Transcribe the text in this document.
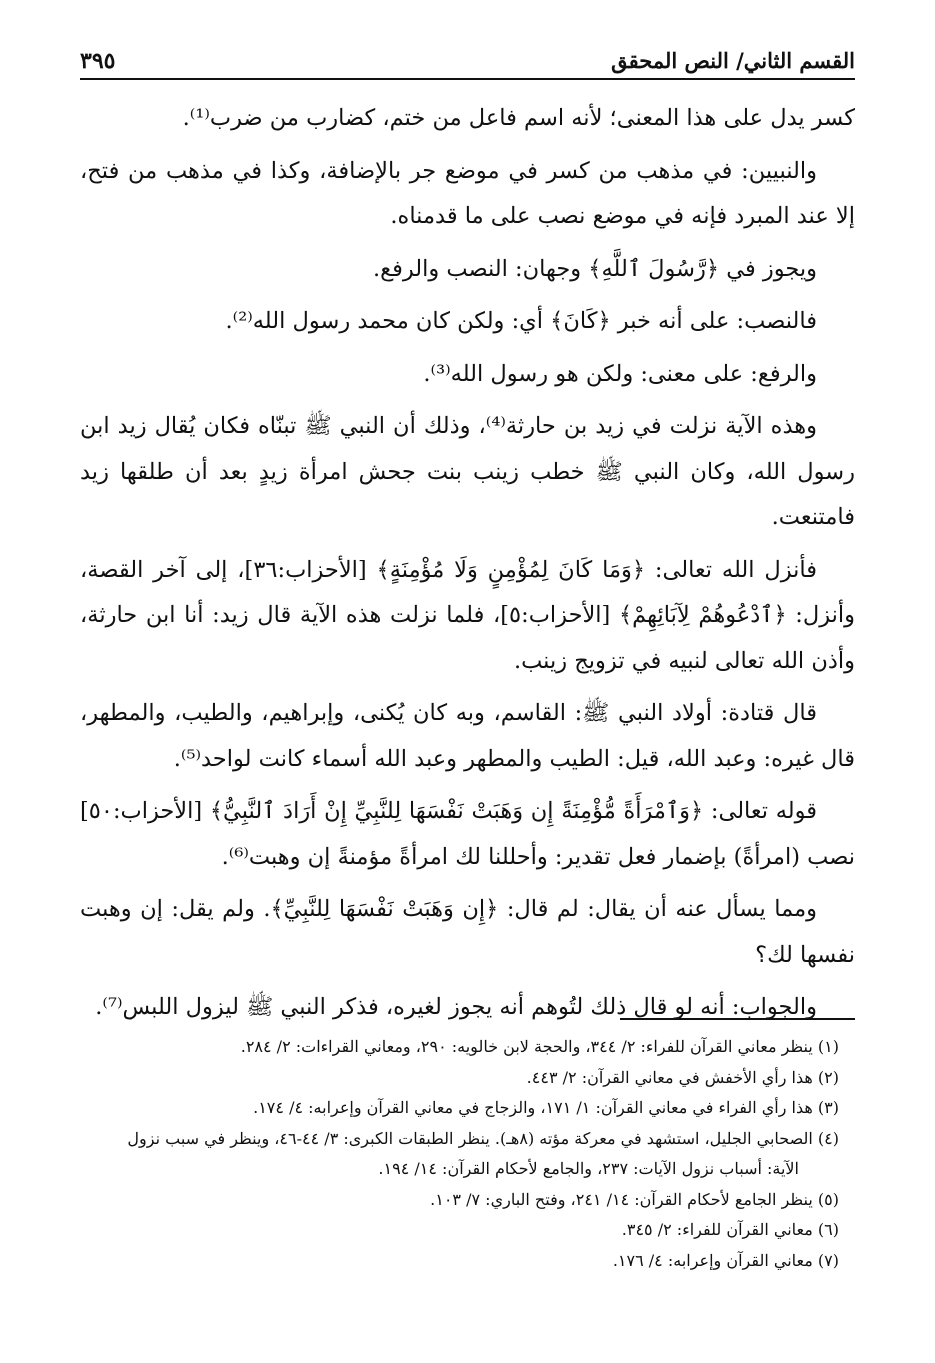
القسم الثاني/ النص المحقق
٣٩٥

كسر يدل على هذا المعنى؛ لأنه اسم فاعل من ختم، كضارب من ضرب⁽¹⁾.

والنبيين: في مذهب من كسر في موضع جر بالإضافة، وكذا في مذهب من فتح، إلا عند المبرد فإنه في موضع نصب على ما قدمناه.

ويجوز في ﴿رَّسُولَ ٱللَّهِ﴾ وجهان: النصب والرفع.

فالنصب: على أنه خبر ﴿كَانَ﴾ أي: ولكن كان محمد رسول الله⁽²⁾.

والرفع: على معنى: ولكن هو رسول الله⁽³⁾.

وهذه الآية نزلت في زيد بن حارثة⁽⁴⁾، وذلك أن النبي ﷺ تبنّاه فكان يُقال زيد ابن رسول الله، وكان النبي ﷺ خطب زينب بنت جحش امرأة زيدٍ بعد أن طلقها زيد فامتنعت.

فأنزل الله تعالى: ﴿وَمَا كَانَ لِمُؤْمِنٍ وَلَا مُؤْمِنَةٍ﴾ [الأحزاب:٣٦]، إلى آخر القصة، وأنزل: ﴿ٱدْعُوهُمْ لِآبَائِهِمْ﴾ [الأحزاب:٥]، فلما نزلت هذه الآية قال زيد: أنا ابن حارثة، وأذن الله تعالى لنبيه في تزويج زينب.

قال قتادة: أولاد النبي ﷺ: القاسم، وبه كان يُكنى، وإبراهيم، والطيب، والمطهر، قال غيره: وعبد الله، قيل: الطيب والمطهر وعبد الله أسماء كانت لواحد⁽⁵⁾.

قوله تعالى: ﴿وَٱمْرَأَةً مُّؤْمِنَةً إِن وَهَبَتْ نَفْسَهَا لِلنَّبِيِّ إِنْ أَرَادَ ٱلنَّبِيُّ﴾ [الأحزاب:٥٠] نصب (امرأةً) بإضمار فعل تقدير: وأحللنا لك امرأةً مؤمنةً إن وهبت⁽⁶⁾.

ومما يسأل عنه أن يقال: لم قال: ﴿إِن وَهَبَتْ نَفْسَهَا لِلنَّبِيِّ﴾. ولم يقل: إن وهبت نفسها لك؟

والجواب: أنه لو قال ذلك لتُوهم أنه يجوز لغيره، فذكر النبي ﷺ ليزول اللبس⁽⁷⁾.

(١) ينظر معاني القرآن للفراء: ٢/ ٣٤٤، والحجة لابن خالويه: ٢٩٠، ومعاني القراءات: ٢/ ٢٨٤.

(٢) هذا رأي الأخفش في معاني القرآن: ٢/ ٤٤٣.

(٣) هذا رأي الفراء في معاني القرآن: ١/ ١٧١، والزجاج في معاني القرآن وإعرابه: ٤/ ١٧٤.

(٤) الصحابي الجليل، استشهد في معركة مؤته (٨هـ). ينظر الطبقات الكبرى: ٣/ ٤٤-٤٦، وينظر في سبب نزول

الآية: أسباب نزول الآيات: ٢٣٧، والجامع لأحكام القرآن: ١٤/ ١٩٤.

(٥) ينظر الجامع لأحكام القرآن: ١٤/ ٢٤١، وفتح الباري: ٧/ ١٠٣.

(٦) معاني القرآن للفراء: ٢/ ٣٤٥.

(٧) معاني القرآن وإعرابه: ٤/ ١٧٦.
